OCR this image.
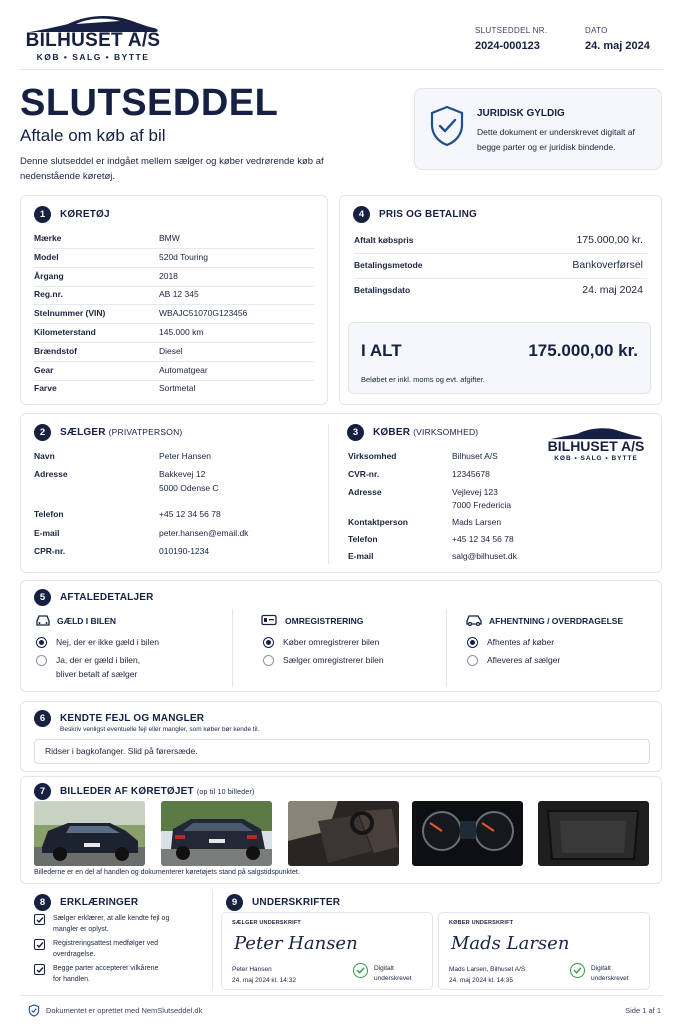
BILHUSET A/S
KØB • SALG • BYTTE
SLUTSEDDEL NR.
2024-000123
DATO
24. maj 2024
SLUTSEDDEL
Aftale om køb af bil
Denne slutseddel er indgået mellem sælger og køber vedrørende køb af nedenstående køretøj.
JURIDISK GYLDIG
Dette dokument er underskrevet digitalt af begge parter og er juridisk bindende.
1	KØRETØJ
Mærke	BMW
Model	520d Touring
Årgang	2018
Reg.nr.	AB 12 345
Stelnummer (VIN)	WBAJC51070G123456
Kilometerstand	145.000 km
Brændstof	Diesel
Gear	Automatgear
Farve	Sortmetal
4	PRIS OG BETALING
Aftalt købspris	175.000,00 kr.
Betalingsmetode	Bankoverførsel
Betalingsdato	24. maj 2024
I ALT	175.000,00 kr.
Beløbet er inkl. moms og evt. afgifter.
2	SÆLGER (PRIVATPERSON)
Navn	Peter Hansen
Adresse	Bakkevej 12
5000 Odense C
Telefon	+45 12 34 56 78
E-mail	peter.hansen@email.dk
CPR-nr.	010190-1234
3	KØBER (VIRKSOMHED)
Virksomhed	Bilhuset A/S
CVR-nr.	12345678
Adresse	Vejlevej 123
7000 Fredericia
Kontaktperson	Mads Larsen
Telefon	+45 12 34 56 78
E-mail	salg@bilhuset.dk
BILHUSET A/S
KØB • SALG • BYTTE
5	AFTALEDETALJER
GÆLD I BILEN
Nej, der er ikke gæld i bilen
Ja, der er gæld i bilen,
bliver betalt af sælger
OMREGISTRERING
Køber omregistrerer bilen
Sælger omregistrerer bilen
AFHENTNING / OVERDRAGELSE
Afhentes af køber
Afleveres af sælger
6	KENDTE FEJL OG MANGLER
Beskriv venligst eventuelle fejl eller mangler, som køber bør kende til.
Ridser i bagkofanger. Slid på førersæde.
7	BILLEDER AF KØRETØJET (op til 10 billeder)
Billederne er en del af handlen og dokumenterer køretøjets stand på salgstidspunktet.
8	ERKLÆRINGER
Sælger erklærer, at alle kendte fejl og
mangler er oplyst.
Registreringsattest medfølger ved
overdragelse.
Begge parter accepterer vilkårene
for handlen.
9	UNDERSKRIFTER
SÆLGER UNDERSKRIFT
Peter Hansen
Peter Hansen
24. maj 2024 kl. 14:32
Digitalt
underskrevet
KØBER UNDERSKRIFT
Mads Larsen
Mads Larsen, Bilhuset A/S
24. maj 2024 kl. 14:35
Digitalt
underskrevet
Dokumentet er oprettet med NemSlutseddel.dk	Side 1 af 1
